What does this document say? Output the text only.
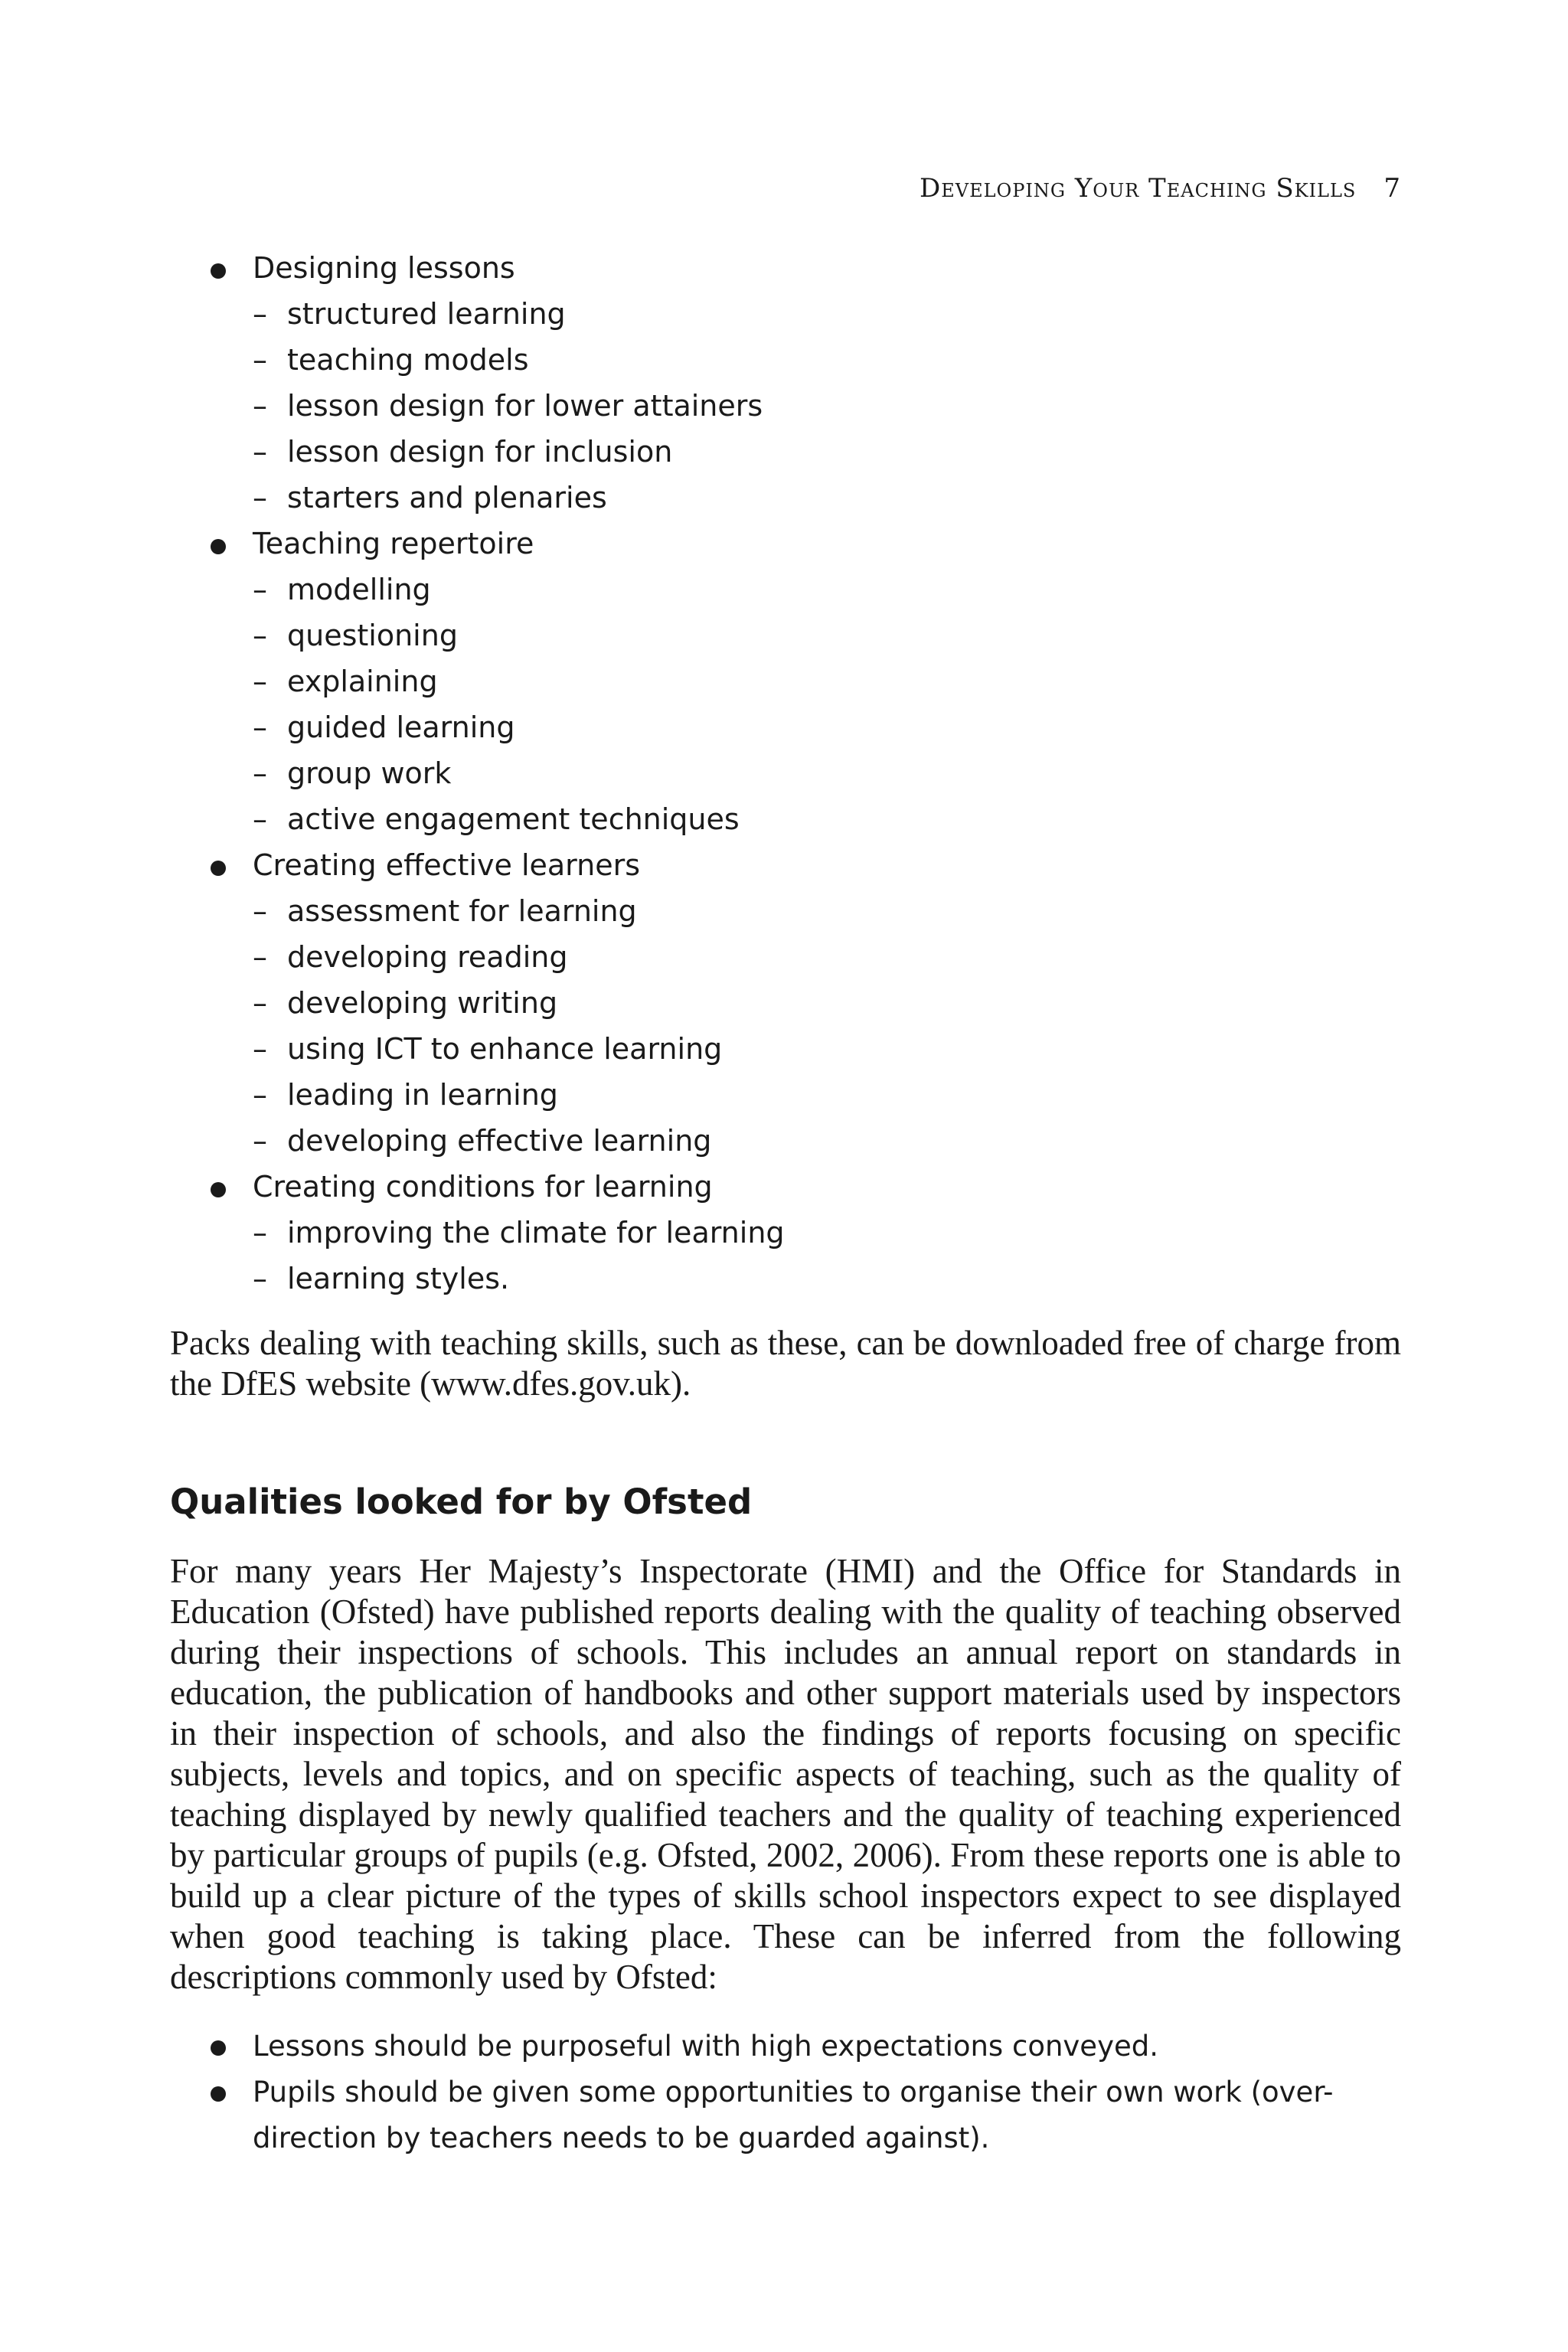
Developing Your Teaching Skills 7
Designing lessons
– structured learning
– teaching models
– lesson design for lower attainers
– lesson design for inclusion
– starters and plenaries
Teaching repertoire
– modelling
– questioning
– explaining
– guided learning
– group work
– active engagement techniques
Creating effective learners
– assessment for learning
– developing reading
– developing writing
– using ICT to enhance learning
– leading in learning
– developing effective learning
Creating conditions for learning
– improving the climate for learning
– learning styles.

Packs dealing with teaching skills, such as these, can be downloaded free of charge from the DfES website (www.dfes.gov.uk).

Qualities looked for by Ofsted

For many years Her Majesty’s Inspectorate (HMI) and the Office for Standards in Education (Ofsted) have published reports dealing with the quality of teaching observed during their inspections of schools. This includes an annual report on standards in education, the publication of handbooks and other support materials used by inspectors in their inspection of schools, and also the findings of reports focusing on specific subjects, levels and topics, and on specific aspects of teaching, such as the quality of teaching displayed by newly qualified teachers and the quality of teaching experienced by particular groups of pupils (e.g. Ofsted, 2002, 2006). From these reports one is able to build up a clear picture of the types of skills school inspectors expect to see displayed when good teaching is taking place. These can be inferred from the following descriptions commonly used by Ofsted:

Lessons should be purposeful with high expectations conveyed.
Pupils should be given some opportunities to organise their own work (over-direction by teachers needs to be guarded against).
